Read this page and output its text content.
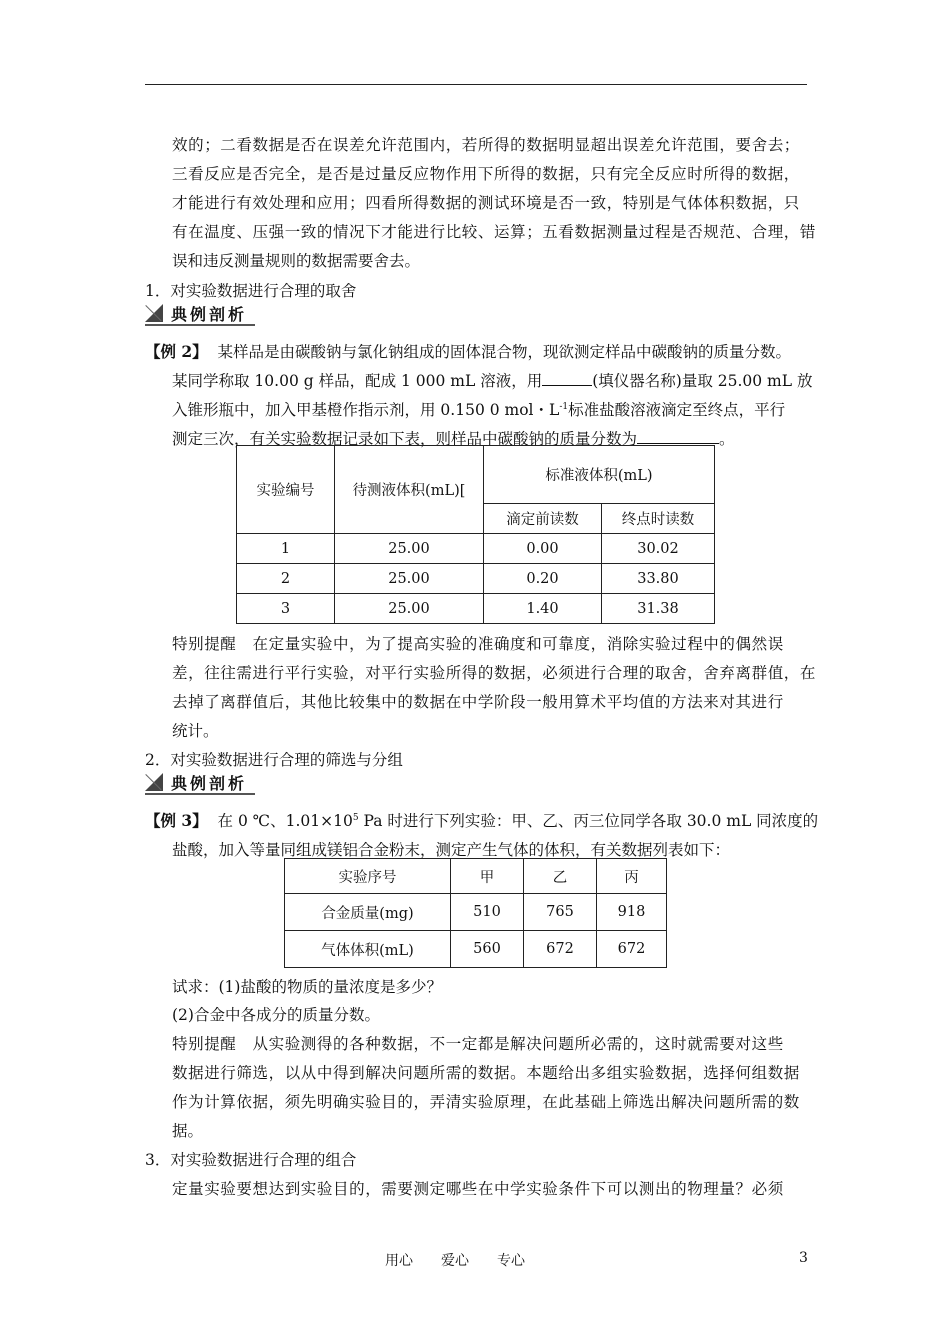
效的；二看数据是否在误差允许范围内，若所得的数据明显超出误差允许范围，要舍去；
三看反应是否完全，是否是过量反应物作用下所得的数据，只有完全反应时所得的数据，
才能进行有效处理和应用；四看所得数据的测试环境是否一致，特别是气体体积数据，只
有在温度、压强一致的情况下才能进行比较、运算；五看数据测量过程是否规范、合理，错
误和违反测量规则的数据需要舍去。
1．对实验数据进行合理的取舍
典例剖析
【例 2】 某样品是由碳酸钠与氯化钠组成的固体混合物，现欲测定样品中碳酸钠的质量分数。
某同学称取 10.00 g 样品，配成 1 000 mL 溶液，用	(填仪器名称)量取 25.00 mL 放
入锥形瓶中，加入甲基橙作指示剂，用 0.150 0 mol・$L^{-1}$标准盐酸溶液滴定至终点，平行
测定三次，有关实验数据记录如下表，则样品中碳酸钠的质量分数为	。
实验编号	待测液体积(mL)[	标准液体积(mL)	
		滴定前读数	终点时读数
1	25.00	0.00	30.02
2	25.00	0.20	33.80
3	25.00	1.40	31.38
特别提醒　在定量实验中，为了提高实验的准确度和可靠度，消除实验过程中的偶然误
差，往往需进行平行实验，对平行实验所得的数据，必须进行合理的取舍，舍弃离群值，在
去掉了离群值后，其他比较集中的数据在中学阶段一般用算术平均值的方法来对其进行
统计。
2．对实验数据进行合理的筛选与分组
典例剖析
【例 3】 在 0 ℃、$1.01\times 10^5$ Pa 时进行下列实验：甲、乙、丙三位同学各取 30.0 mL 同浓度的
盐酸，加入等量同组成镁铝合金粉末，测定产生气体的体积，有关数据列表如下：
实验序号	甲	乙	丙
合金质量(mg)	510	765	918
气体体积(mL)	560	672	672
试求：(1)盐酸的物质的量浓度是多少？
(2)合金中各成分的质量分数。
特别提醒　从实验测得的各种数据，不一定都是解决问题所必需的，这时就需要对这些
数据进行筛选，以从中得到解决问题所需的数据。本题给出多组实验数据，选择何组数据
作为计算依据，须先明确实验目的，弄清实验原理，在此基础上筛选出解决问题所需的数
据。
3．对实验数据进行合理的组合
定量实验要想达到实验目的，需要测定哪些在中学实验条件下可以测出的物理量？必须
用心　　爱心　　专心	3
